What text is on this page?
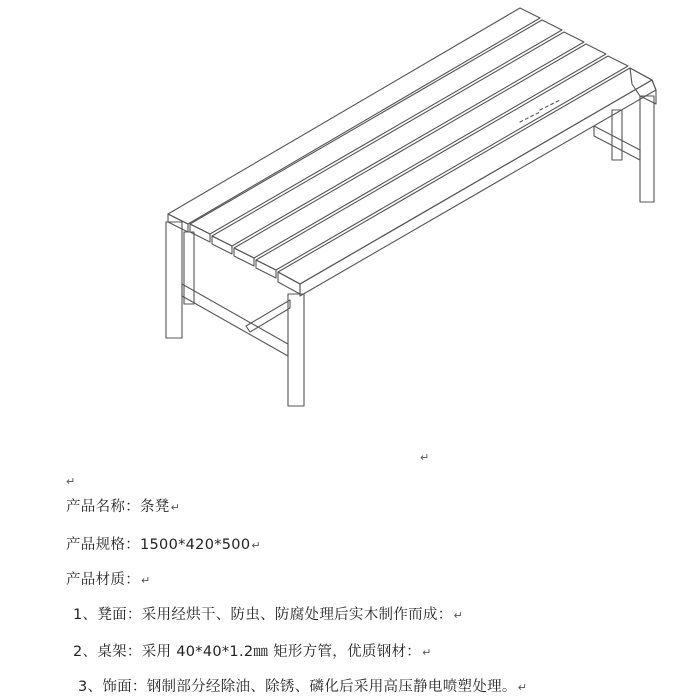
↵
↵
产品名称：条凳↵
产品规格：1500*420*500↵
产品材质：↵
1、凳面：采用经烘干、防虫、防腐处理后实木制作而成：↵
2、桌架：采用 40*40*1.2㎜ 矩形方管，优质钢材：↵
3、饰面：钢制部分经除油、除锈、磷化后采用高压静电喷塑处理。↵
